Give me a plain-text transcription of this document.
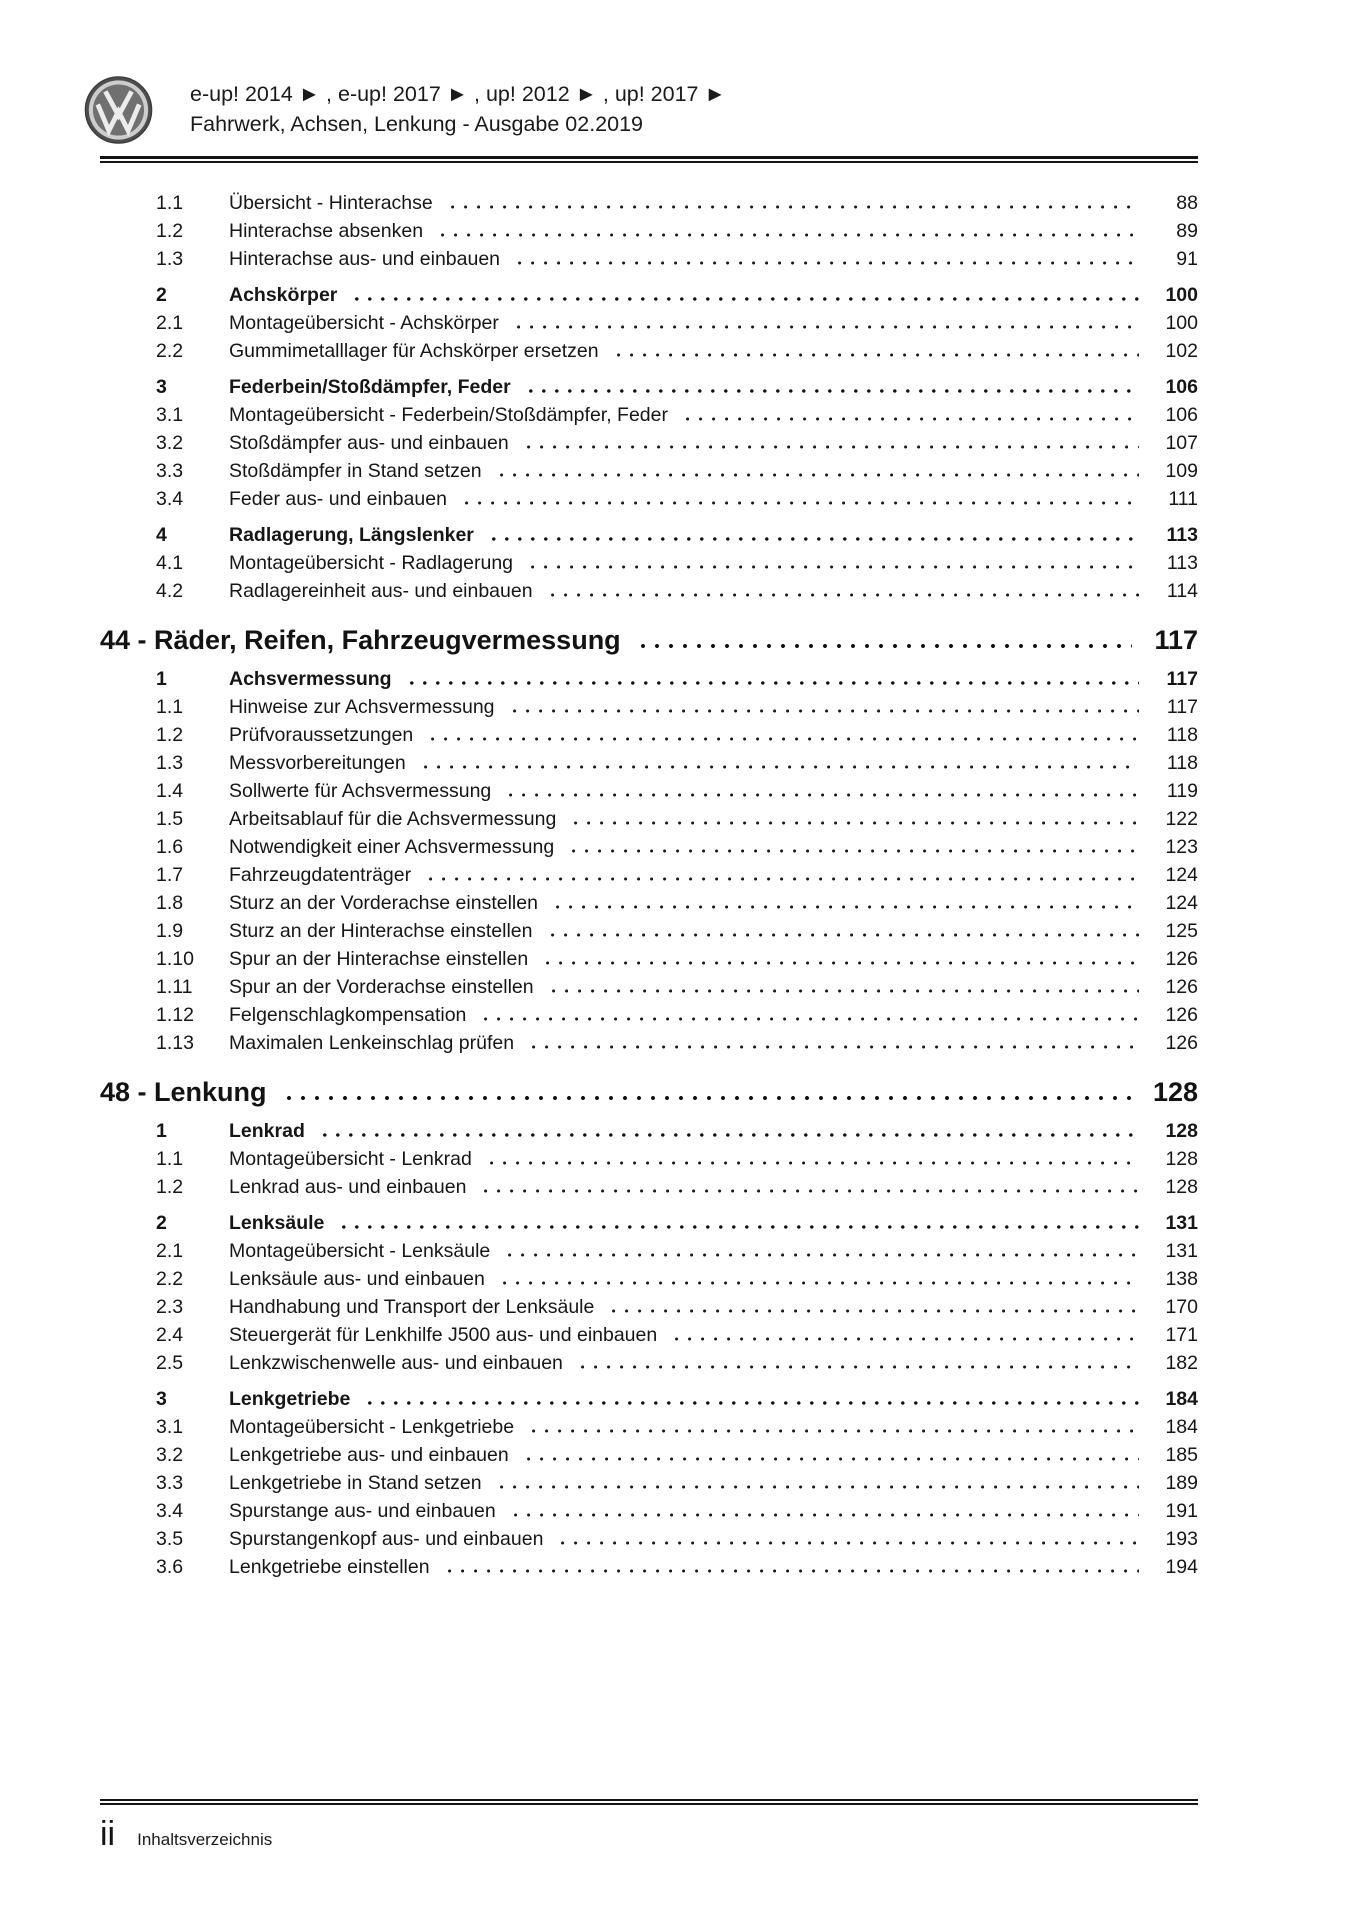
e-up! 2014 ► , e-up! 2017 ► , up! 2012 ► , up! 2017 ►
Fahrwerk, Achsen, Lenkung - Ausgabe 02.2019
1.1	Übersicht - Hinterachse	88
1.2	Hinterachse absenken	89
1.3	Hinterachse aus- und einbauen	91
2	Achskörper	100
2.1	Montageübersicht - Achskörper	100
2.2	Gummimetalllager für Achskörper ersetzen	102
3	Federbein/Stoßdämpfer, Feder	106
3.1	Montageübersicht - Federbein/Stoßdämpfer, Feder	106
3.2	Stoßdämpfer aus- und einbauen	107
3.3	Stoßdämpfer in Stand setzen	109
3.4	Feder aus- und einbauen	111
4	Radlagerung, Längslenker	113
4.1	Montageübersicht - Radlagerung	113
4.2	Radlagereinheit aus- und einbauen	114
44 - Räder, Reifen, Fahrzeugvermessung	117
1	Achsvermessung	117
1.1	Hinweise zur Achsvermessung	117
1.2	Prüfvoraussetzungen	118
1.3	Messvorbereitungen	118
1.4	Sollwerte für Achsvermessung	119
1.5	Arbeitsablauf für die Achsvermessung	122
1.6	Notwendigkeit einer Achsvermessung	123
1.7	Fahrzeugdatenträger	124
1.8	Sturz an der Vorderachse einstellen	124
1.9	Sturz an der Hinterachse einstellen	125
1.10	Spur an der Hinterachse einstellen	126
1.11	Spur an der Vorderachse einstellen	126
1.12	Felgenschlagkompensation	126
1.13	Maximalen Lenkeinschlag prüfen	126
48 - Lenkung	128
1	Lenkrad	128
1.1	Montageübersicht - Lenkrad	128
1.2	Lenkrad aus- und einbauen	128
2	Lenksäule	131
2.1	Montageübersicht - Lenksäule	131
2.2	Lenksäule aus- und einbauen	138
2.3	Handhabung und Transport der Lenksäule	170
2.4	Steuergerät für Lenkhilfe J500 aus- und einbauen	171
2.5	Lenkzwischenwelle aus- und einbauen	182
3	Lenkgetriebe	184
3.1	Montageübersicht - Lenkgetriebe	184
3.2	Lenkgetriebe aus- und einbauen	185
3.3	Lenkgetriebe in Stand setzen	189
3.4	Spurstange aus- und einbauen	191
3.5	Spurstangenkopf aus- und einbauen	193
3.6	Lenkgetriebe einstellen	194
ii Inhaltsverzeichnis
